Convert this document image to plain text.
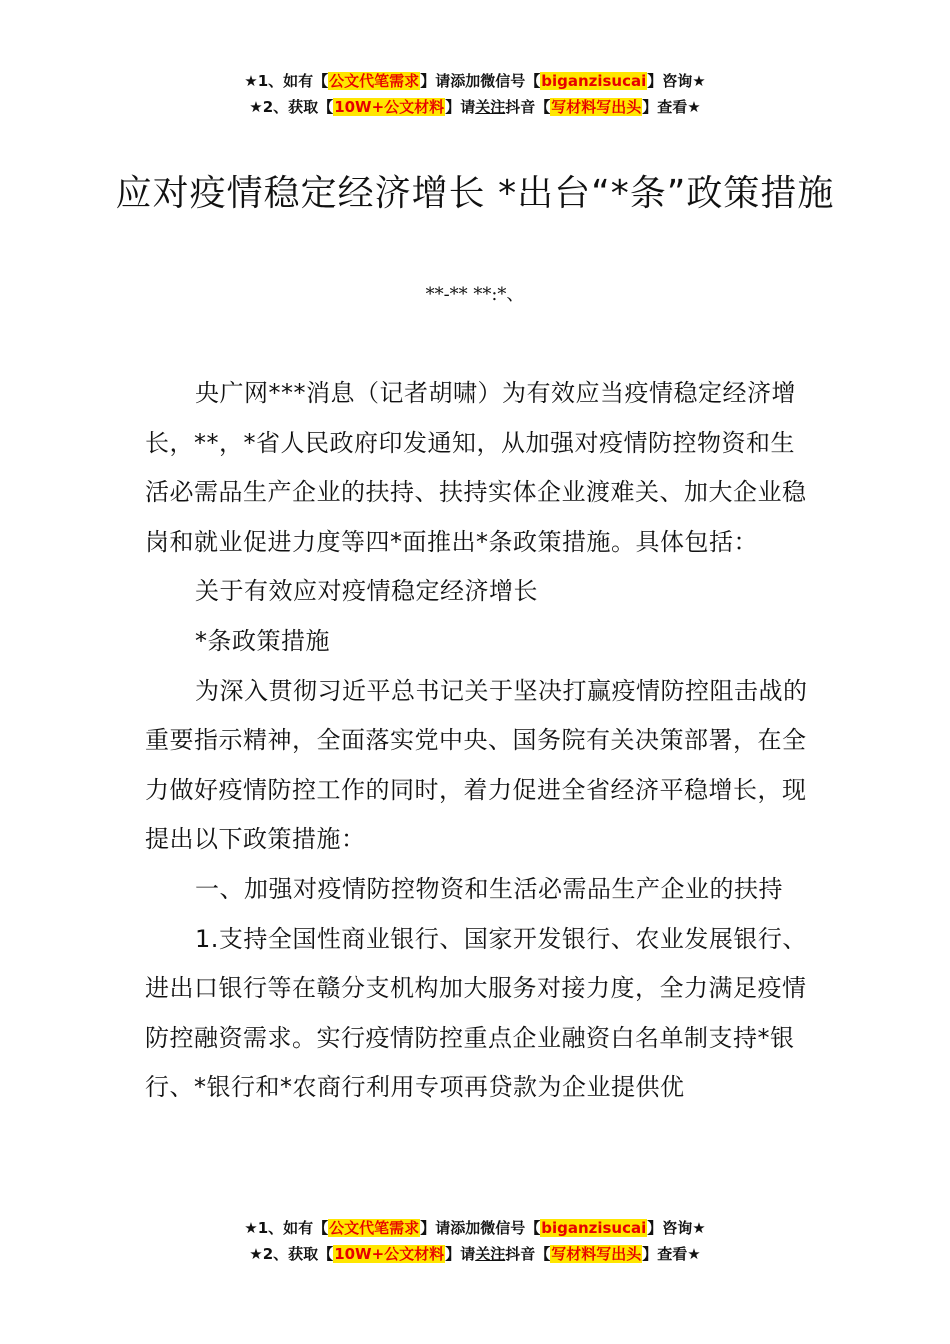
★1、如有【公文代笔需求】请添加微信号【biganzisucai】咨询★
★2、获取【10W+公文材料】请关注抖音【写材料写出头】查看★
应对疫情稳定经济增长 *出台“*条”政策措施
**-** **:*、

央广网***消息（记者胡啸）为有效应当疫情稳定经济增长，**，*省人民政府印发通知，从加强对疫情防控物资和生活必需品生产企业的扶持、扶持实体企业渡难关、加大企业稳岗和就业促进力度等四*面推出*条政策措施。具体包括：

关于有效应对疫情稳定经济增长

*条政策措施

为深入贯彻习近平总书记关于坚决打赢疫情防控阻击战的重要指示精神，全面落实党中央、国务院有关决策部署，在全力做好疫情防控工作的同时，着力促进全省经济平稳增长，现提出以下政策措施：

一、加强对疫情防控物资和生活必需品生产企业的扶持

1.支持全国性商业银行、国家开发银行、农业发展银行、进出口银行等在赣分支机构加大服务对接力度，全力满足疫情防控融资需求。实行疫情防控重点企业融资白名单制支持*银行、*银行和*农商行利用专项再贷款为企业提供优

★1、如有【公文代笔需求】请添加微信号【biganzisucai】咨询★
★2、获取【10W+公文材料】请关注抖音【写材料写出头】查看★
